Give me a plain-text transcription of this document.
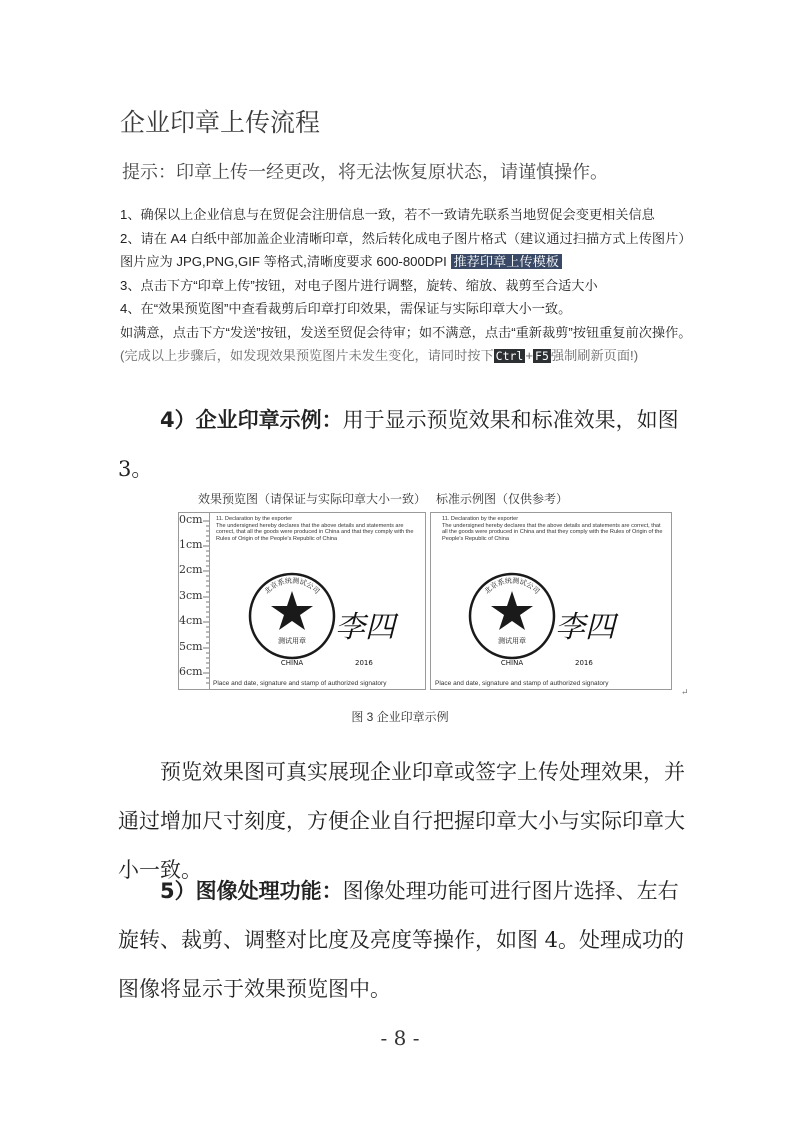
企业印章上传流程
提示：印章上传一经更改，将无法恢复原状态，请谨慎操作。

1、确保以上企业信息与在贸促会注册信息一致，若不一致请先联系当地贸促会变更相关信息

2、请在 A4 白纸中部加盖企业清晰印章，然后转化成电子图片格式（建议通过扫描方式上传图片）图片应为 JPG,PNG,GIF 等格式,清晰度要求 600-800DPI 推荐印章上传模板

3、点击下方“印章上传”按钮，对电子图片进行调整，旋转、缩放、裁剪至合适大小

4、在“效果预览图”中查看裁剪后印章打印效果，需保证与实际印章大小一致。

如满意，点击下方“发送”按钮，发送至贸促会待审；如不满意，点击“重新裁剪”按钮重复前次操作。

(完成以上步骤后，如发现效果预览图片未发生变化，请同时按下 Ctrl + F5 强制刷新页面!)

4）企业印章示例：用于显示预览效果和标准效果，如图 3。
效果预览图（请保证与实际印章大小一致） 标准示例图（仅供参考）
0cm
1cm
2cm
3cm
4cm
5cm
6cm
11. Declaration by the exporter
The undersigned hereby declares that the above details and statements are correct, that all the goods were produced in China and that they comply with the Rules of Origin of the People's Republic of China
北京系统测试公司
测试用章
CHINA	2016
李四
Place and date, signature and stamp of authorized signatory
11. Declaration by the exporter
The undersigned hereby declares that the above details and statements are correct, that all the goods were produced in China and that they comply with the Rules of Origin of the People's Republic of China
北京系统测试公司
测试用章
CHINA	2016
李四
Place and date, signature and stamp of authorized signatory
↵
图 3 企业印章示例
预览效果图可真实展现企业印章或签字上传处理效果，并通过增加尺寸刻度，方便企业自行把握印章大小与实际印章大小一致。
5）图像处理功能：图像处理功能可进行图片选择、左右旋转、裁剪、调整对比度及亮度等操作，如图 4。处理成功的图像将显示于效果预览图中。
- 8 -
